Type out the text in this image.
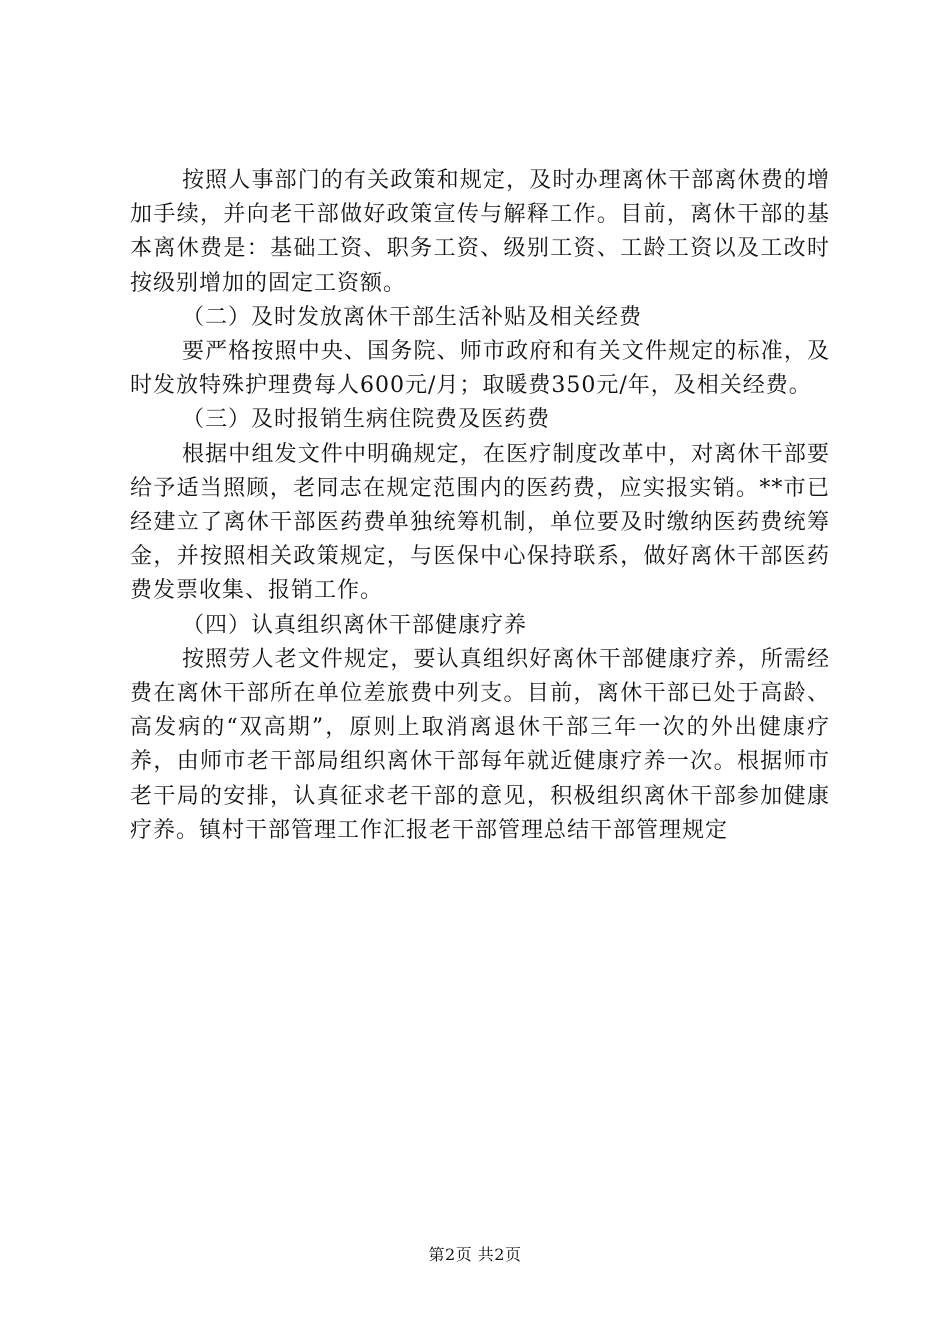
按照人事部门的有关政策和规定，及时办理离休干部离休费的增加手续，并向老干部做好政策宣传与解释工作。目前，离休干部的基本离休费是：基础工资、职务工资、级别工资、工龄工资以及工改时按级别增加的固定工资额。

（二）及时发放离休干部生活补贴及相关经费

要严格按照中央、国务院、师市政府和有关文件规定的标准，及时发放特殊护理费每人600元/月；取暖费350元/年，及相关经费。

（三）及时报销生病住院费及医药费

根据中组发文件中明确规定，在医疗制度改革中，对离休干部要给予适当照顾，老同志在规定范围内的医药费，应实报实销。**市已经建立了离休干部医药费单独统筹机制，单位要及时缴纳医药费统筹金，并按照相关政策规定，与医保中心保持联系，做好离休干部医药费发票收集、报销工作。

（四）认真组织离休干部健康疗养

按照劳人老文件规定，要认真组织好离休干部健康疗养，所需经费在离休干部所在单位差旅费中列支。目前，离休干部已处于高龄、高发病的“双高期”，原则上取消离退休干部三年一次的外出健康疗养，由师市老干部局组织离休干部每年就近健康疗养一次。根据师市老干局的安排，认真征求老干部的意见，积极组织离休干部参加健康疗养。镇村干部管理工作汇报老干部管理总结干部管理规定

第2页 共2页
